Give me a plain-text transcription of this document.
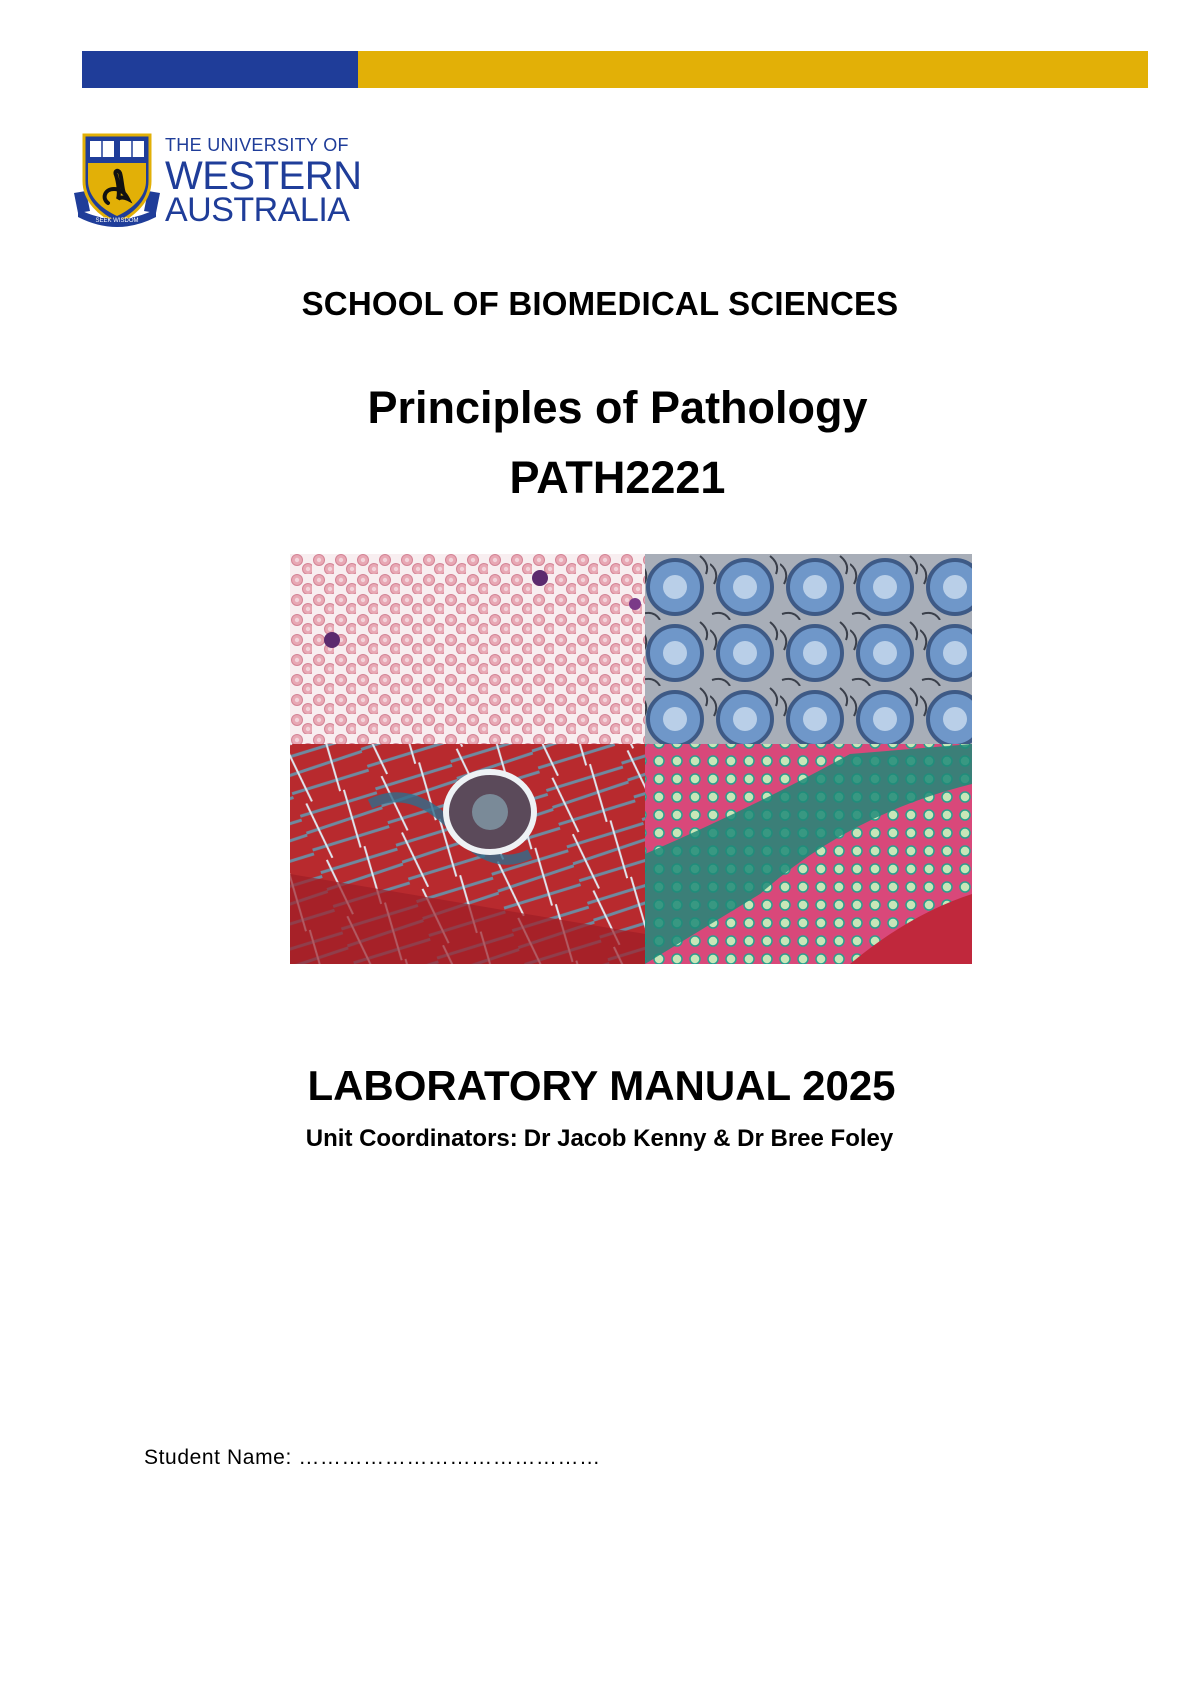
SEEK WISDOM
THE UNIVERSITY OF
WESTERN
AUSTRALIA
SCHOOL OF BIOMEDICAL SCIENCES
Principles of Pathology
PATH2221
LABORATORY MANUAL 2025
Unit Coordinators: Dr Jacob Kenny & Dr Bree Foley
Student Name: ……………………………………
